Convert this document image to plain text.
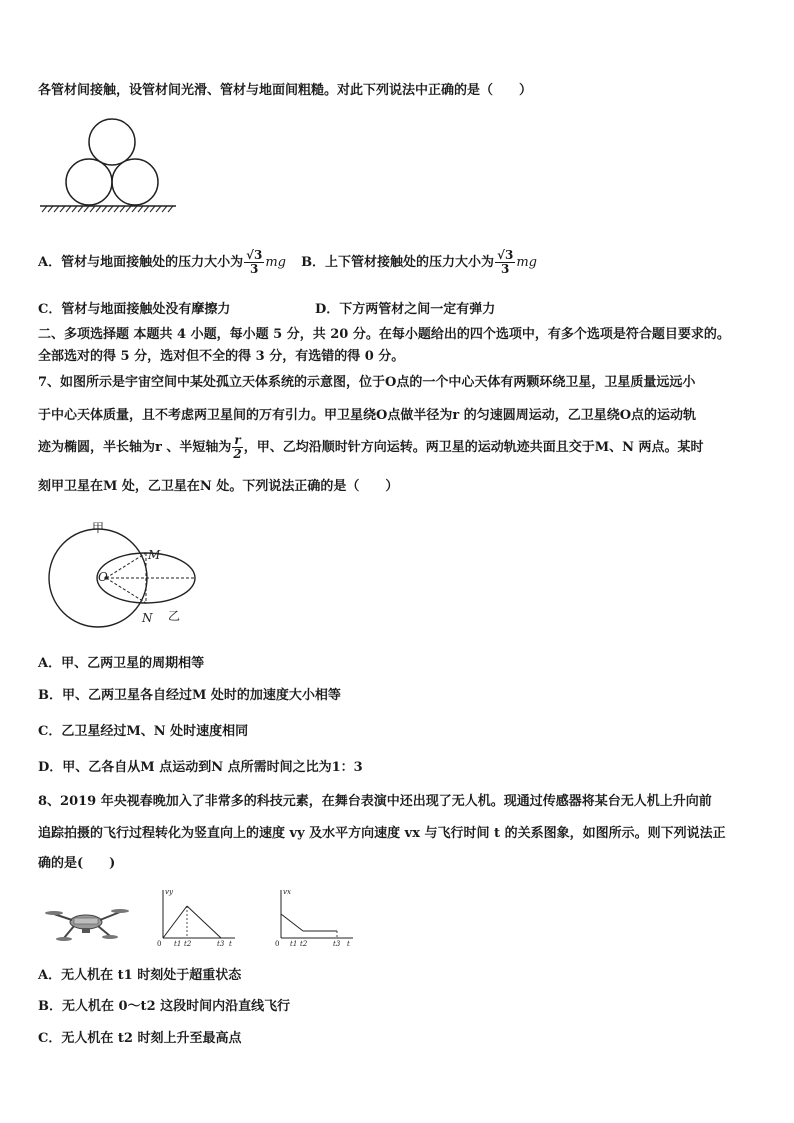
各管材间接触，设管材间光滑、管材与地面间粗糙。对此下列说法中正确的是（　　）
A．管材与地面接触处的压力大小为 $\frac{√3}{3}$ mg B．上下管材接触处的压力大小为 $\frac{√3}{3}$ mg
C．管材与地面接触处没有摩擦力	D．下方两管材之间一定有弹力
二、多项选择题 本题共 4 小题，每小题 5 分，共 20 分。在每小题给出的四个选项中，有多个选项是符合题目要求的。
全部选对的得 5 分，选对但不全的得 3 分，有选错的得 0 分。
7、如图所示是宇宙空间中某处孤立天体系统的示意图，位于O点的一个中心天体有两颗环绕卫星，卫星质量远远小
于中心天体质量，且不考虑两卫星间的万有引力。甲卫星绕O点做半径为r 的匀速圆周运动，乙卫星绕O点的运动轨
迹为椭圆，半长轴为r 、半短轴为 $\frac{r}{2}$ ，甲、乙均沿顺时针方向运转。两卫星的运动轨迹共面且交于M、N 两点。某时
刻甲卫星在M 处，乙卫星在N 处。下列说法正确的是（　　）
甲
M
O
N 乙
A．甲、乙两卫星的周期相等
B．甲、乙两卫星各自经过M 处时的加速度大小相等
C．乙卫星经过M、N 处时速度相同
D．甲、乙各自从M 点运动到N 点所需时间之比为1：3
8、2019 年央视春晚加入了非常多的科技元素，在舞台表演中还出现了无人机。现通过传感器将某台无人机上升向前
追踪拍摄的飞行过程转化为竖直向上的速度 vy 及水平方向速度 vx 与飞行时间 t 的关系图象，如图所示。则下列说法正
确的是(　　)
vy
0 t1 t2	t3 t
vx
0 t1 t2	t3 t
A．无人机在 t1 时刻处于超重状态
B．无人机在 0～t2 这段时间内沿直线飞行
C．无人机在 t2 时刻上升至最高点
